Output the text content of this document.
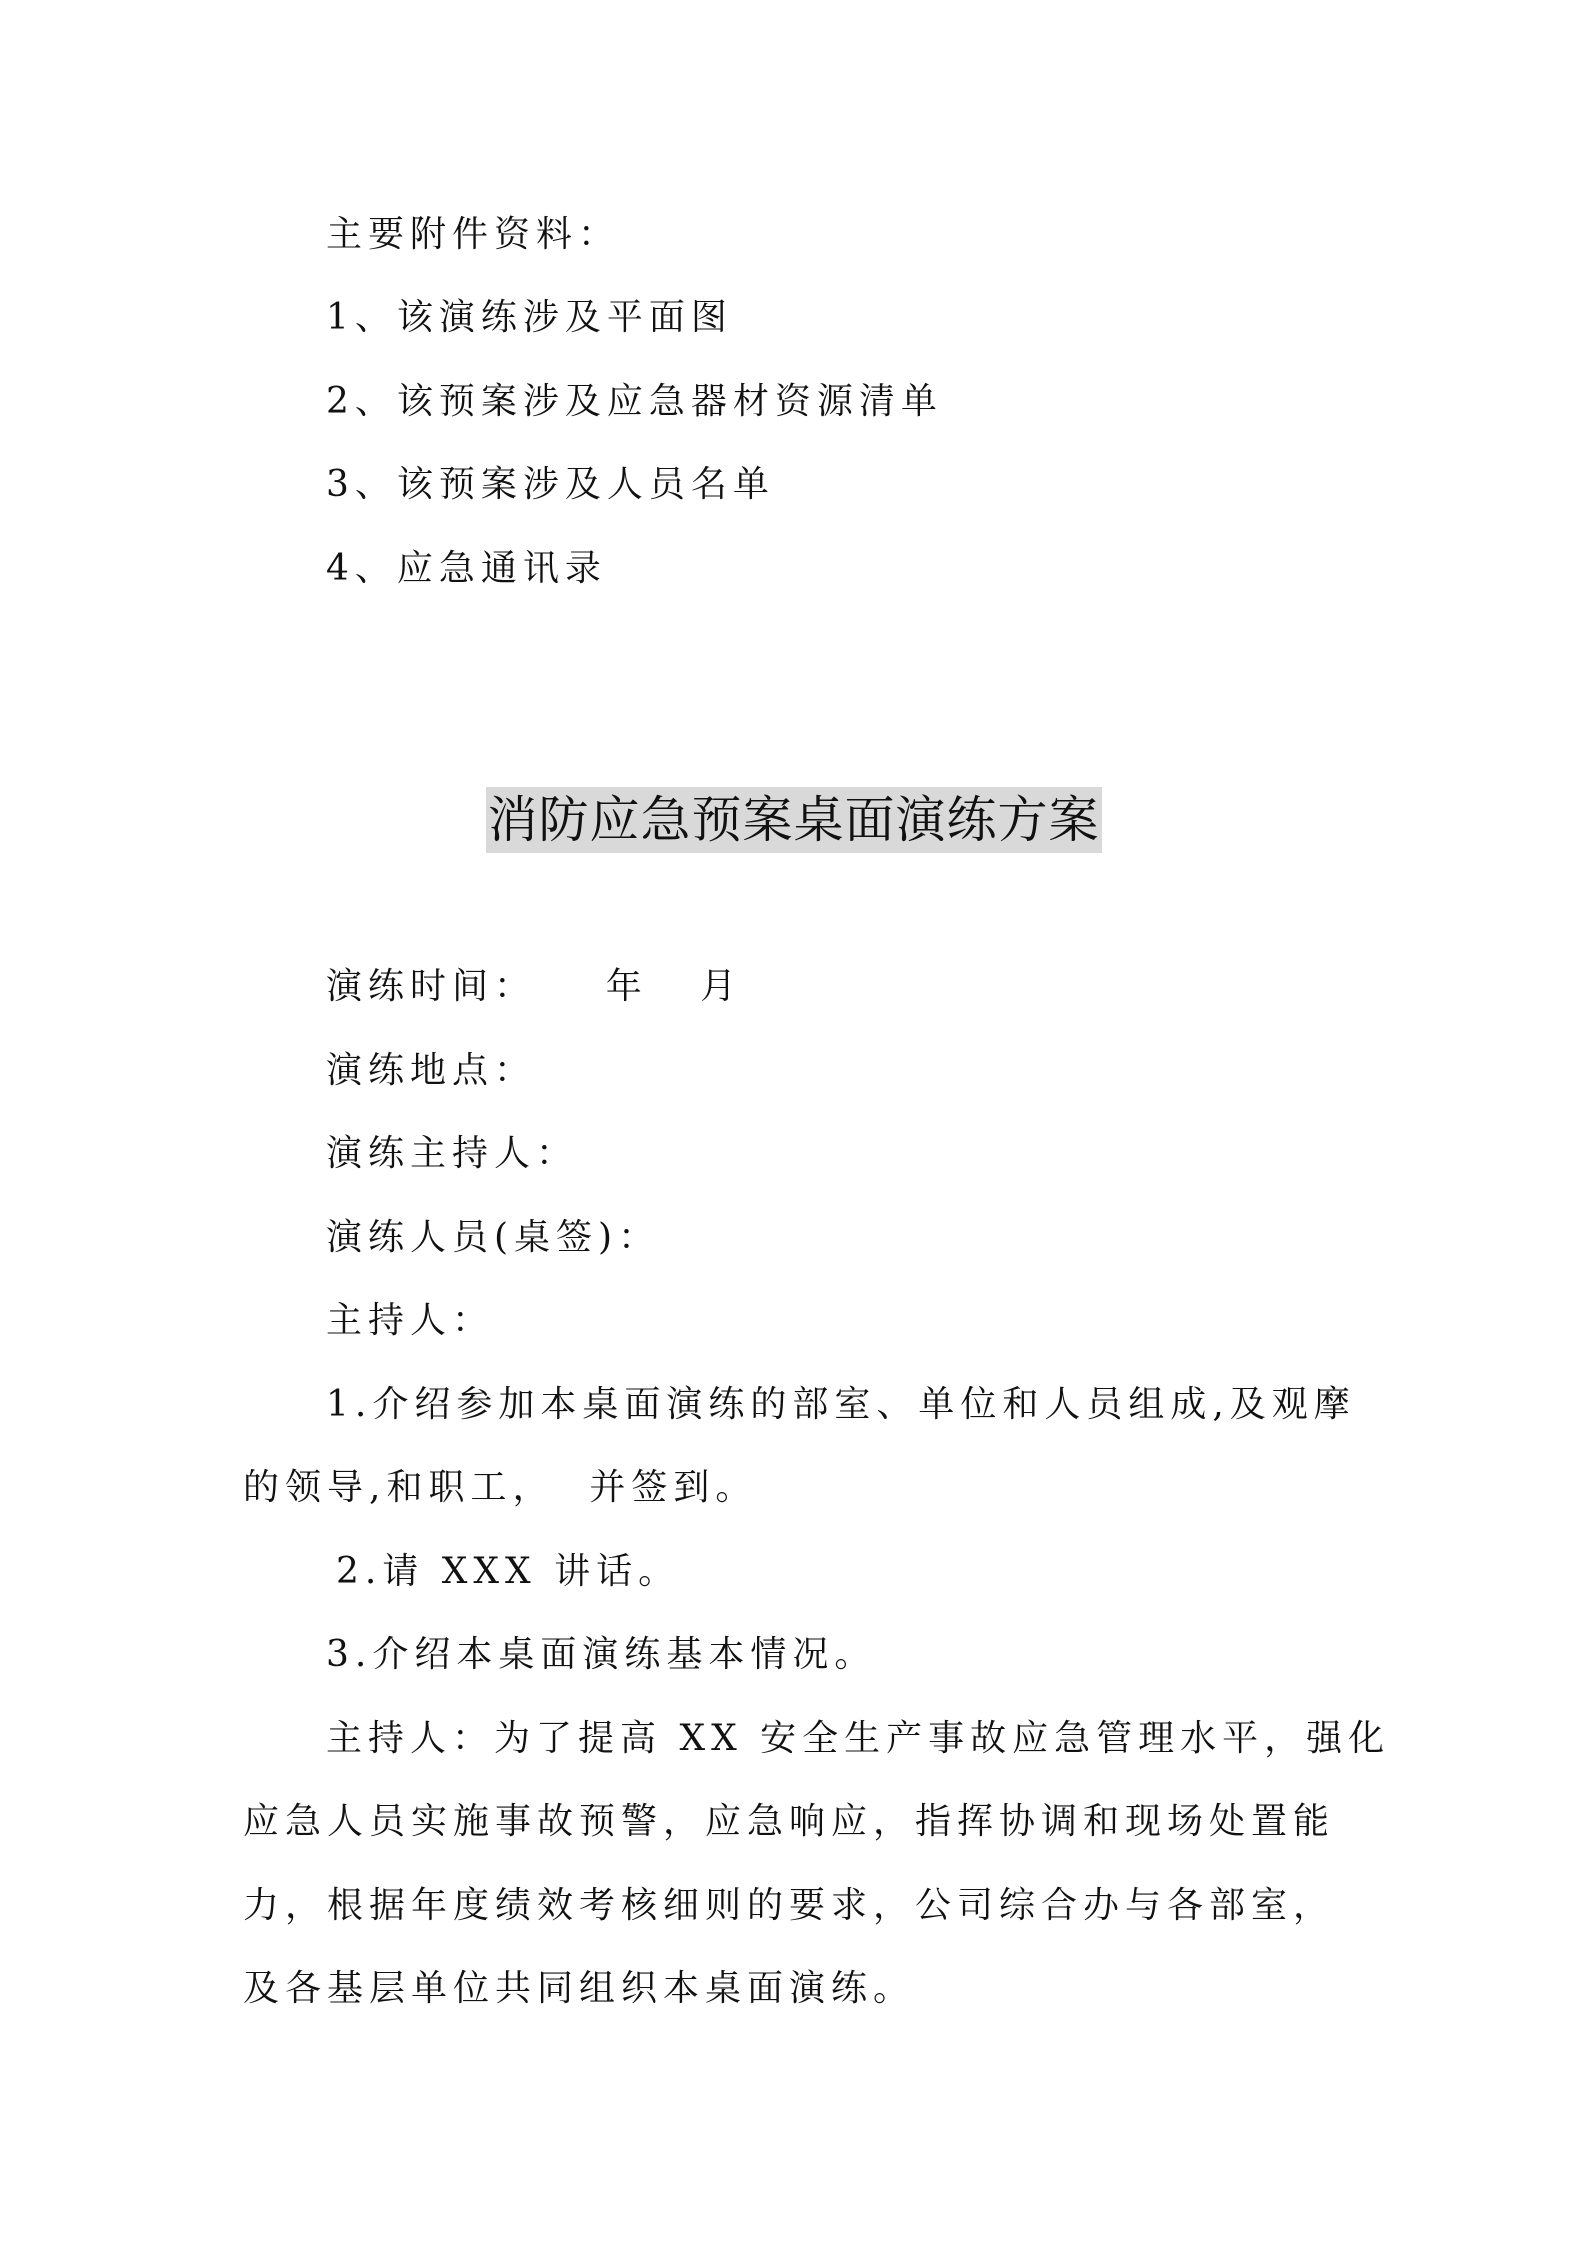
主要附件资料：
1、该演练涉及平面图
2、该预案涉及应急器材资源清单
3、该预案涉及人员名单
4、应急通讯录
消防应急预案桌面演练方案
演练时间：    年   月
演练地点：
演练主持人：
演练人员(桌签)：
主持人：
1.介绍参加本桌面演练的部室、单位和人员组成,及观摩
的领导,和职工，  并签到。
2.请 XXX 讲话。
3.介绍本桌面演练基本情况。
主持人：为了提高 XX 安全生产事故应急管理水平，强化
应急人员实施事故预警，应急响应，指挥协调和现场处置能
力，根据年度绩效考核细则的要求，公司综合办与各部室，
及各基层单位共同组织本桌面演练。
